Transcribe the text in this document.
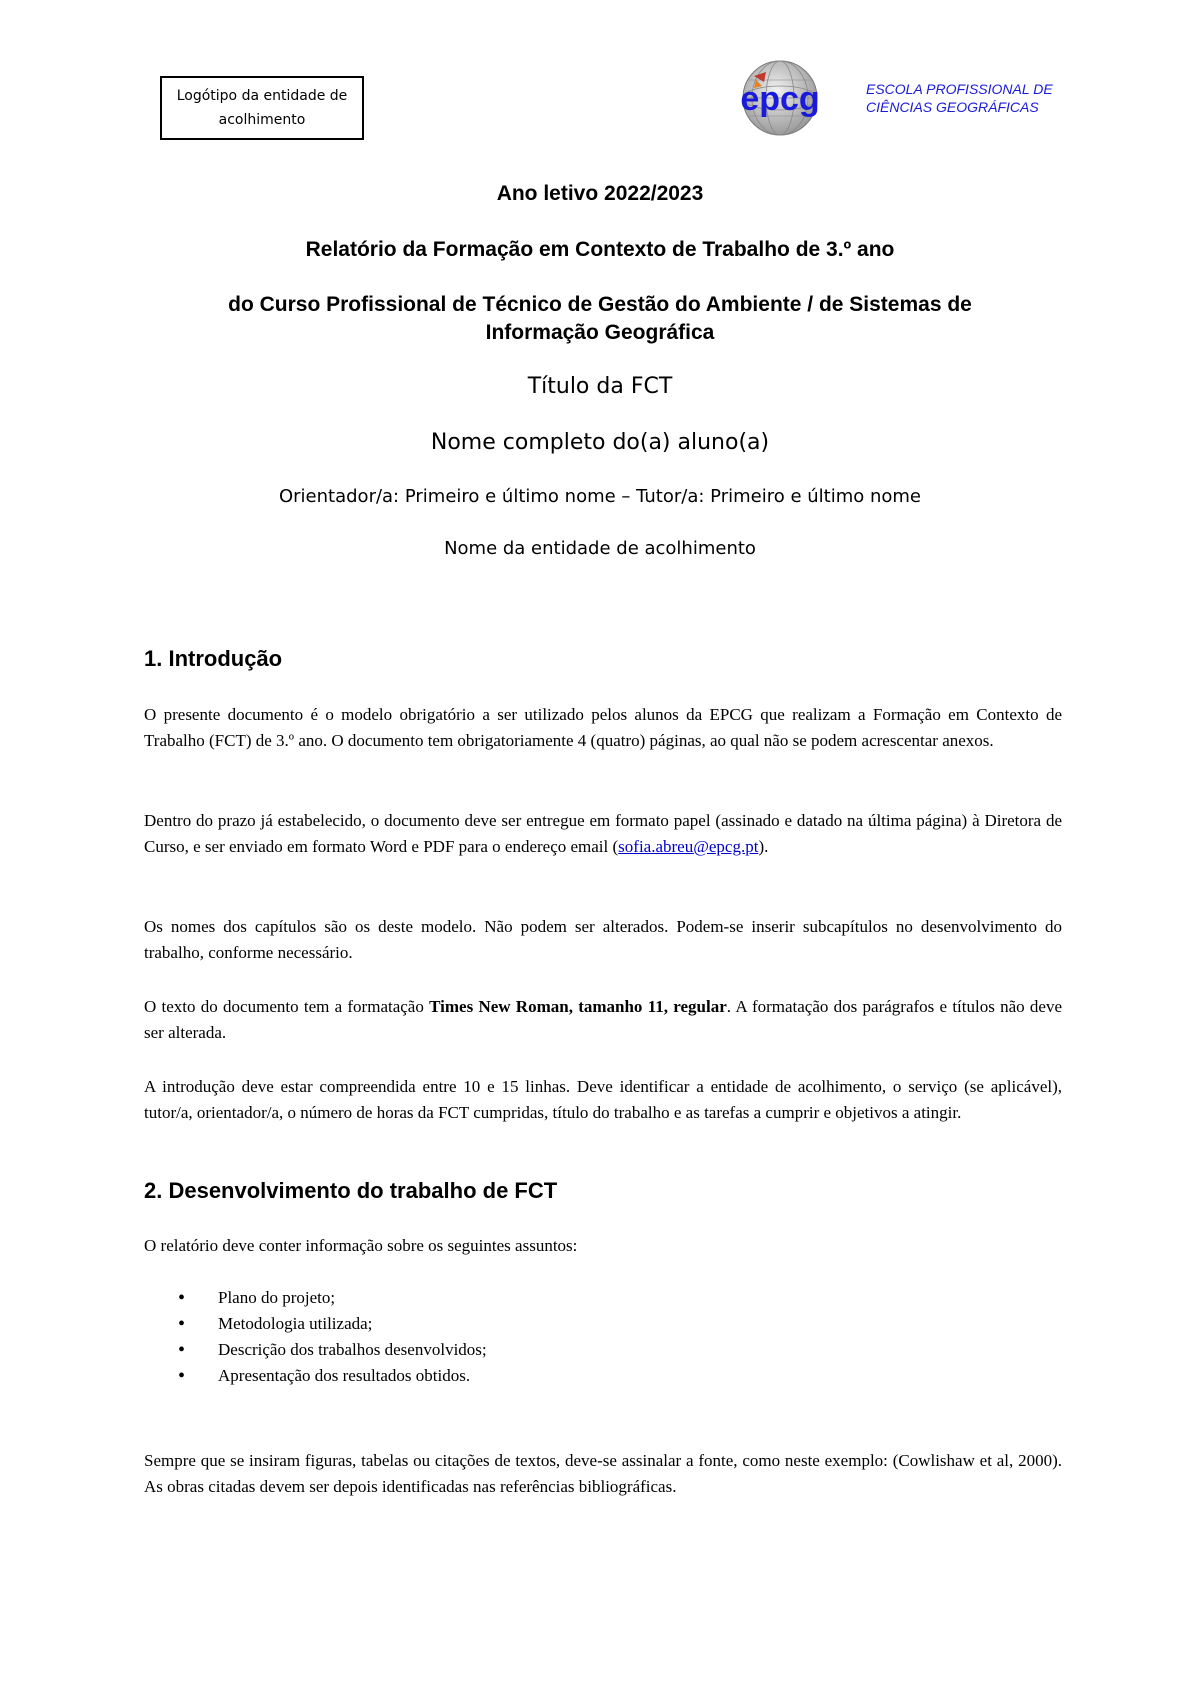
Logótipo da entidade de acolhimento
epcg	ESCOLA PROFISSIONAL DE
CIÊNCIAS GEOGRÁFICAS
Ano letivo 2022/2023
Relatório da Formação em Contexto de Trabalho de 3.º ano
do Curso Profissional de Técnico de Gestão do Ambiente / de Sistemas de
Informação Geográfica
Título da FCT
Nome completo do(a) aluno(a)
Orientador/a: Primeiro e último nome – Tutor/a: Primeiro e último nome
Nome da entidade de acolhimento
1. Introdução
O presente documento é o modelo obrigatório a ser utilizado pelos alunos da EPCG que realizam a Formação em Contexto de Trabalho (FCT) de 3.º ano. O documento tem obrigatoriamente 4 (quatro) páginas, ao qual não se podem acrescentar anexos.
Dentro do prazo já estabelecido, o documento deve ser entregue em formato papel (assinado e datado na última página) à Diretora de Curso, e ser enviado em formato Word e PDF para o endereço email (sofia.abreu@epcg.pt).
Os nomes dos capítulos são os deste modelo. Não podem ser alterados. Podem-se inserir subcapítulos no desenvolvimento do trabalho, conforme necessário.
O texto do documento tem a formatação Times New Roman, tamanho 11, regular. A formatação dos parágrafos e títulos não deve ser alterada.
A introdução deve estar compreendida entre 10 e 15 linhas. Deve identificar a entidade de acolhimento, o serviço (se aplicável), tutor/a, orientador/a, o número de horas da FCT cumpridas, título do trabalho e as tarefas a cumprir e objetivos a atingir.
2. Desenvolvimento do trabalho de FCT
O relatório deve conter informação sobre os seguintes assuntos:
• Plano do projeto;
• Metodologia utilizada;
• Descrição dos trabalhos desenvolvidos;
• Apresentação dos resultados obtidos.
Sempre que se insiram figuras, tabelas ou citações de textos, deve-se assinalar a fonte, como neste exemplo: (Cowlishaw et al, 2000). As obras citadas devem ser depois identificadas nas referências bibliográficas.
